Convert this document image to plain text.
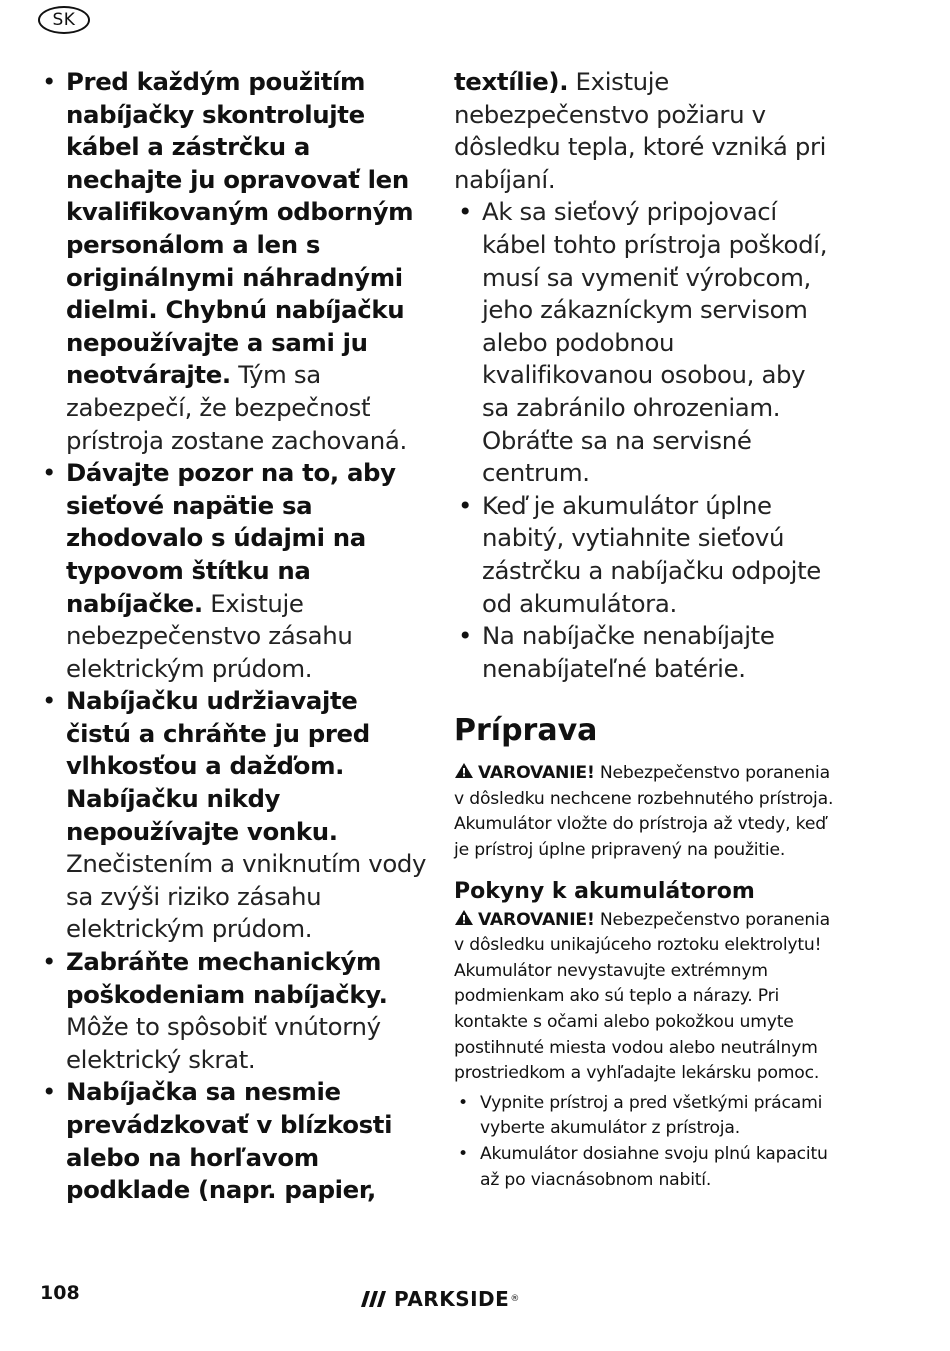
SK
• Pred každým použitím nabíjačky skontrolujte kábel a zástrčku a nechajte ju opravovať len kvalifikovaným odborným personálom a len s originálnymi náhradnými dielmi. Chybnú nabíjačku nepoužívajte a sami ju neotvárajte. Tým sa zabezpečí, že bezpečnosť prístroja zostane zachovaná.
• Dávajte pozor na to, aby sieťové napätie sa zhodovalo s údajmi na typovom štítku na nabíjačke. Existuje nebezpečenstvo zásahu elektrickým prúdom.
• Nabíjačku udržiavajte čistú a chráňte ju pred vlhkosťou a dažďom. Nabíjačku nikdy nepoužívajte vonku. Znečistením a vniknutím vody sa zvýši riziko zásahu elektrickým prúdom.
• Zabráňte mechanickým poškodeniam nabíjačky. Môže to spôsobiť vnútorný elektrický skrat.
• Nabíjačka sa nesmie prevádzkovať v blízkosti alebo na horľavom podklade (napr. papier,
textílie). Existuje nebezpečenstvo požiaru v dôsledku tepla, ktoré vzniká pri nabíjaní.
• Ak sa sieťový pripojovací kábel tohto prístroja poškodí, musí sa vymeniť výrobcom, jeho zákazníckym servisom alebo podobnou kvalifikovanou osobou, aby sa zabránilo ohrozeniam. Obráťte sa na servisné centrum.
• Keď je akumulátor úplne nabitý, vytiahnite sieťovú zástrčku a nabíjačku odpojte od akumulátora.
• Na nabíjačke nenabíjajte nenabíjateľné batérie.
Príprava

VAROVANIE! Nebezpečenstvo poranenia v dôsledku nechcene rozbehnutého prístroja. Akumulátor vložte do prístroja až vtedy, keď je prístroj úplne pripravený na použitie.

Pokyny k akumulátorom

VAROVANIE! Nebezpečenstvo poranenia v dôsledku unikajúceho roztoku elektrolytu! Akumulátor nevystavujte extrémnym podmienkam ako sú teplo a nárazy. Pri kontakte s očami alebo pokožkou umyte postihnuté miesta vodou alebo neutrálnym prostriedkom a vyhľadajte lekársku pomoc.

• Vypnite prístroj a pred všetkými prácami vyberte akumulátor z prístroja.
• Akumulátor dosiahne svoju plnú kapacitu až po viacnásobnom nabití.
108	PARKSIDE ®
